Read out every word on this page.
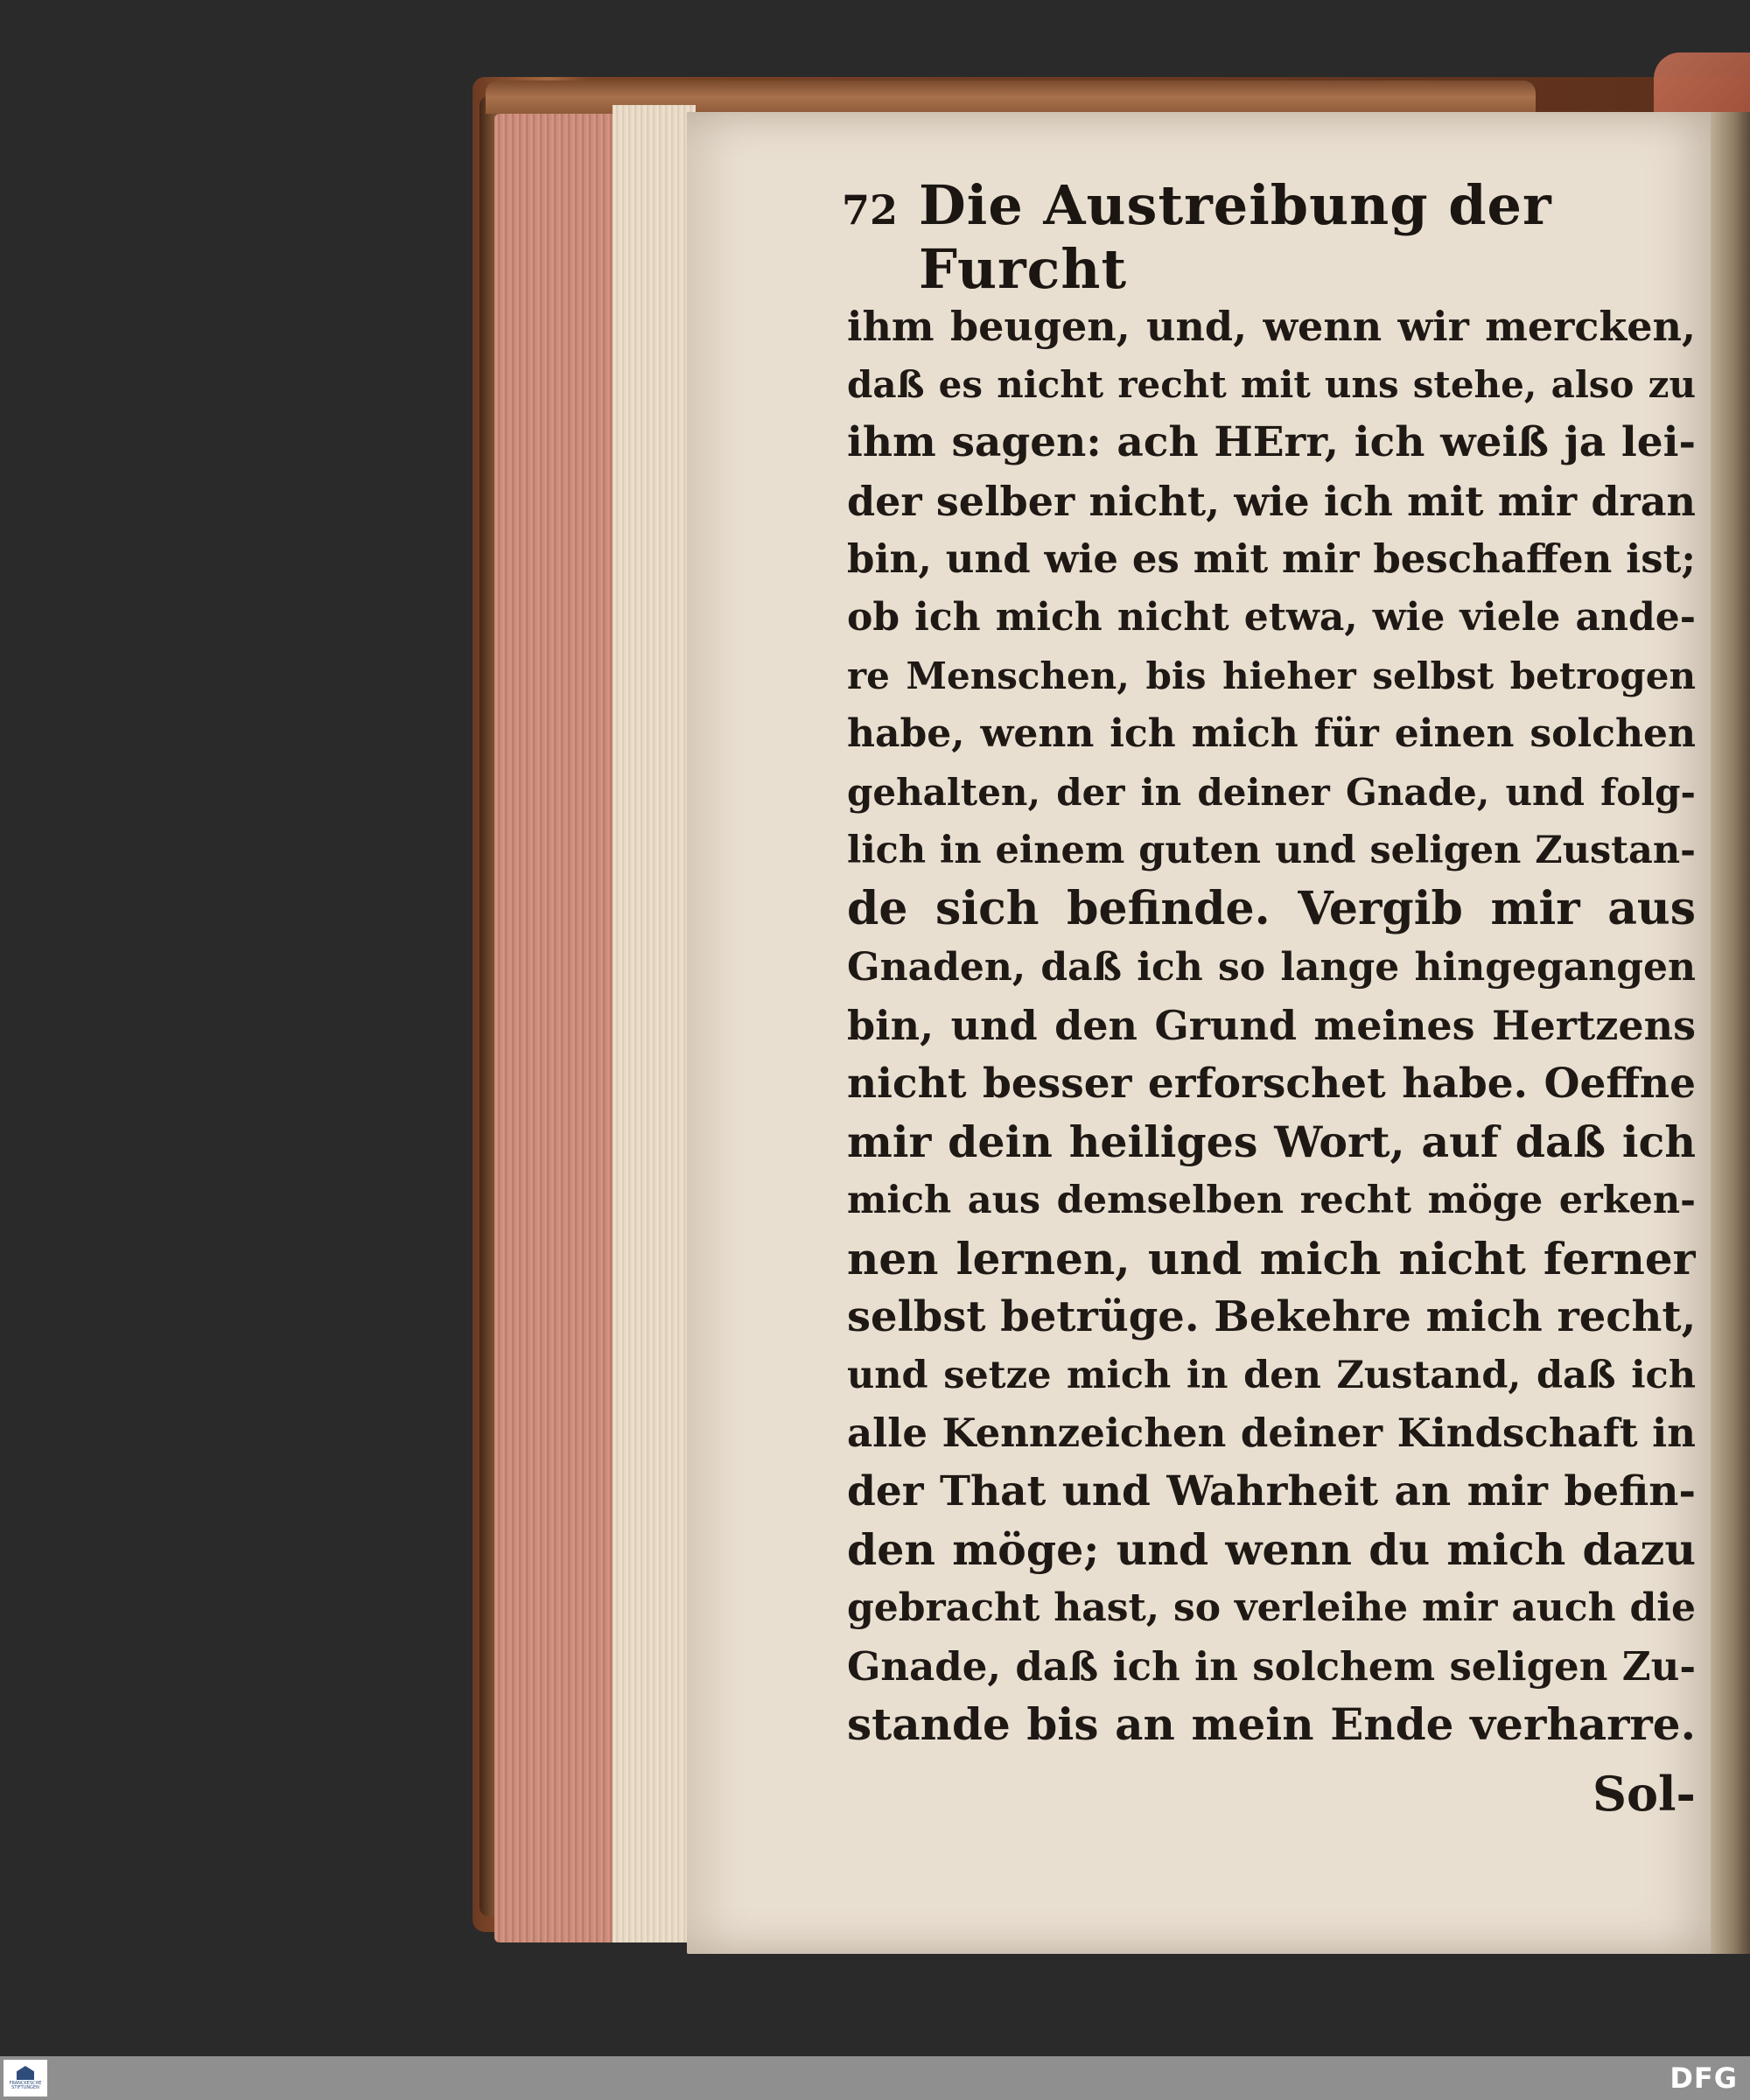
72 Die Austreibung der Furcht
ihm beugen, und, wenn wir mercken,
daß es nicht recht mit uns stehe, also zu
ihm sagen: ach HErr, ich weiß ja lei-
der selber nicht, wie ich mit mir dran
bin, und wie es mit mir beschaffen ist;
ob ich mich nicht etwa, wie viele ande-
re Menschen, bis hieher selbst betrogen
habe, wenn ich mich für einen solchen
gehalten, der in deiner Gnade, und folg-
lich in einem guten und seligen Zustan-
de sich befinde. Vergib mir aus
Gnaden, daß ich so lange hingegangen
bin, und den Grund meines Hertzens
nicht besser erforschet habe. Oeffne
mir dein heiliges Wort, auf daß ich
mich aus demselben recht möge erken-
nen lernen, und mich nicht ferner
selbst betrüge. Bekehre mich recht,
und setze mich in den Zustand, daß ich
alle Kennzeichen deiner Kindschaft in
der That und Wahrheit an mir befin-
den möge; und wenn du mich dazu
gebracht hast, so verleihe mir auch die
Gnade, daß ich in solchem seligen Zu-
stande bis an mein Ende verharre.
Sol-
FRANCKESCHE STIFTUNGEN	DFG
